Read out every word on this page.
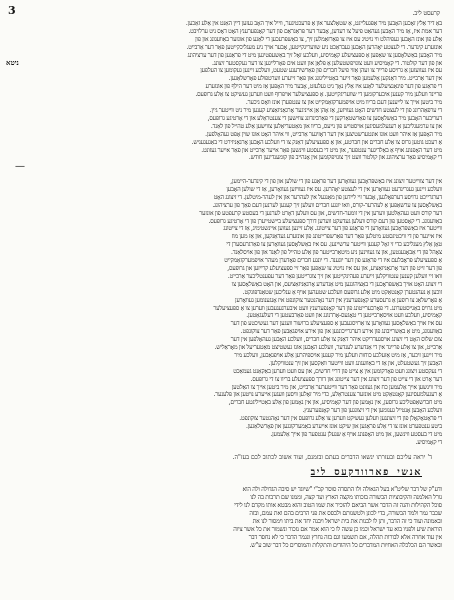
3	קרעסט ליב.
ניטא
—
באַ דיר אַלץ זאָכען האָבען מיר אַפּגעלייגט, אַ שטאָלצער און אַ פּרעכטיגער, ווייל איך האָב געזען דיין האַנט אין אַלע זאַכען.
דער אמת איז, אַז מיר האָבען געהאַט פיעל צו רעדען, אָבער דער פּראַגראַם פון דער קאָנפערענץ האָט דאָס ניט ערלויבט.
אַלע פון אונז האָבען געפיהלט ווי נויטיג עס איז צו פאַרזאַמלען זיך, צו באַשפּרעכען די לאַגע פון אונזער באַוועגונג און פון
אונזערע קינדער. די לעצטע יאָהרען האָבען געבראַכט ניע שוועריגקייטען, אָבער אויך ניע מעגליכקייטען פאַר דער אַרבייט.
מיר האָבען באַשלאָסען צו שאַפען אַ ספּעציעלע קאָמיסיע, וועלכע זאָל זיך באַשעפטיגען מיט די פראַגען פון דער ערציהונג
און פון דער קולטור. די קאָמיסיע וועט צונויפשטעלען אַ פּלאַן און וועט אים פאָרלייגען צו דער נעקסטער זיצונג.
עס איז געוועזען אַ גרויסע פרייד צו זעהן אַזוי פיעל חברים פון פאַרשידענע שטעט, וועלכע זיינען געקומען צו העלפען
אין דער אַרבייט. מיר דאַנקען אַלעמען פאַר זייער באַטייליגונג און פאַר זייערע ווערטפולע פאָרשלאַגען.
די פראַגע פון דער פינאַנציעלער לאַגע איז אַלץ נאָך ניט געלעזט, אָבער מיר האָפען אַז מיט דער הילף פון אונזערע
פריינד וועלען מיר קענען איבערקומען די שוועריגקייטען. אַ ספּעציעלער אויפרוף וועט ווערען געשיקט צו אַלע גרופּעס.
מיר ביטען אייך צו לייענען דעם בריוו מיט אויפמערקזאַמקייט און צו ענטפערן אונז וואָס גיכער.
די ערפאַהרונג פון די לעצטע חדשים האָט געוויזען, אַז אָהן אַן אייניגער אָרגאַניזאַציע קענען מיר ניט ווייטער גיין.
דעריבער האָבען מיר באַשלאָסען צו פאַרשטאַרקען די פאַרבינדונג צווישען די צענטראַלע און די אָרטיגע גרופּעס,
און צו ערמעגליכען אַ רעגעלמעסיגען אויסטויש פון נייעס, בריוו און מאַטעריאַלען צווישען אַלע טהייל פון לאַנד.
מיר האָפען אַז איהר וועט אונז אונטערשטיצען אין דער דאָזיגער אַרבייט, ווי איהר האָט אונז שוין אָפט געהאָלפען.
אַ רעכט גוטען גרוס צו אַלע חברים און חברטע, און אַ ספּעציעלען דאַנק צו די וועלכע האָבען אָרגאַניזירט די באַגעגעניש.
מיט דער האָפנונג אויף אַ באַלדיגער ענטפער, און מיט די בעסטע ווינשען פאַר אייער אַרבייט און פאַר אייער געזונט.
די קאָמיסיע פאַר ערציהונג און קולטור וועט זיך צונויפקומען אין אָנהייב פון קומענדיגען חודש.
אין דער צווייטער זיצונג איז באַשפּראָכען געוואָרען דער פראַגע פון די שולען און פון די קינדער-היימען,
וועלכע זיינען געגרינדעט געוואָרען אין די לעצטע יאָהרען. עס איז געוויזען געוואָרען, אַז די שולען האָבען
דערגרייכט גרויסע דערפאָלגען, אָבער זיי ליידען פון מאַנגעל אין לעהרער און אין לעהר-מיטלען. די זיצונג האָט
באַשלאָסען צו ערשאַפען אַ לעהרער-קורס, וואו יונגע חברים וועלען זיך קענען לערנען דעם פאַך פון ערציהונג.
דער קורס וועט געהאַלטען ווערען אין די זומער-חדשים, און עס וועלען דאָרט לערנען די בעסטע קרעפטע פון אונזער
באַוועגונג. די קאָסטען פון דעם קורס וועלען געדעקט ווערען דורך ספּעציעלע ביישטייערן פון די אָרטיגע גרופּעס.
ווייטער איז באַשפּראָכען געוואָרען די פראַגע פון דער צייטונג. אַלע זיינען געווען איינשטימיג, אַז די צייטונג
איז איינער פון די וויכטיגסטע מיטלען פאַר דער פאַרשפּרייטונג פון אונזערע געדאַנקען, און אַז מען מוז
טאָן אַלץ מעגליכע כדי זי זאָל קענען ווייטער ערשיינען. עס איז באַשלאָסען געוואָרען צו פאַרגרעסערן די
צאָהל פון די אַבאָנענטען, און צו געווינען ניע מיטאַרבייטער פון אַלע טהייל פון לאַנד און פון אויסלאַנד.
אַ ספּעציעלע פּראָבלעם איז די פראַגע פון דער יוגענד. די יונגע חברים פאָדערן מעהר אויפמערקזאַמקייט
פון דער זייט פון דער אָרגאַניזאַציע, און עס איז נויטיג צו שאַפען פאַר זיי ספּעציעלע קרייזען און גרופּעס,
וואו זיי וועלען קענען ענטוויקלען זייערע פעהיגקייטען און זיך צוגרייטען פאַר דער עפענטליכער אַרבייט.
די זיצונג האָט אויך באַשפּראָכען די באַציהונגען מיט אַנדערע אָרגאַניזאַציעס, און האָט באַשלאָסען צו
זוכען אַ נעהנטערן קאָנטאַקט מיט אַלע גרופּעס וועלכע שטעהען אויף אַ ענליכען שטאַנדפּונקט.
אַ פאָרשלאַג צו רופען אַ גרעסערע קאָנפערענץ אין דער נאָהנטער צוקונפט איז אָנגענומען געוואָרען
מיט גרויס באַגייסטערונג. די פאָרבערייטונג פון דער קאָנפערענץ וועט איבערגעגעבען ווערען צו אַ ספּעציעלער
קאָמיסיע, וועלכע וועט אויסאַרבייטען די טאָגעס-אָרדנונג און וועט פאַרבעטען די דעלעגאַטען.
עס איז אויך באַשלאָסען געוואָרען צו אַרויסגעבען אַ ספּעציעלע ברושור וועגען דער געשיכטע פון דער
באַוועגונג, מיט אַ באַשרייבונג פון אירע דערגרייכונגען און פון אירע אויפגאַבען פאַר דער צוקונפט.
צום שלוס האָט די זיצונג אויסגעדריקט איהר דאַנק צו אַלע חברים, וועלכע האָבען געהאָלפען אין דער
אַרבייט, און צו אַלע פריינד אין די אַנדערע לענדער, וועלכע האָבען אונז געשטיצט מאַטעריעל און מאָראַליש.
מיר זיינען זיכער, אַז מיט אַזעלכע כוחות וועלען מיר קענען אויספיהרען אַלע אויפגאַבען, וועלכע מיר
האָבען זיך געשטעלט, און אַז די באַוועגונג וועט ווייטער וואַקסען און זיך ענטוויקלען.
די נעקסטע זיצונג וועט פאָרקומען אין אַ צייט פון דריי חדשים, און עס וועט ווערען באַקאַנט געמאַכט
דער אָרט און די צייט פון דער זיצונג אין דער צייטונג און דורך ספּעציעלע בריוו צו די גרופּעס.
מיר ווינשען אייך אַלעמען כח און געזונט פאַר דער ווייטערער אַרבייט, און מיר ביטען אייך צו האַלטען
אַ רעגעלמעסיגען קאָנטאַקט מיט אונזער צענטראַלע, כדי מיר זאָלען וויסען וועגען אייערע נויטען און פּלענער.
מיט חברשאַפטליכע גרוסען, אין נאָמען פון דער קאָמיסיע, און אין נאָמען פון אַלע באַטייליגטע חברים,
וועלכע האָבען אָנטייל גענומען אין די זיצונגען פון דער קאָנפערענץ.
די פּראָטאָקאָלן פון די זיצונגען וועלען געשיקט ווערען צו אַלע גרופּעס אין דער נאָהנטער צוקונפט.
ביטע ענטפערט אונז צו די אַלע פראַגען און שיקט אונז אייערע באַמערקונגען און פאָרשלאַגען.
מיט די בעסטע ווינשען, און מיט האָפנונג אויף אַ שנעלן ענטפער פון אייך אַלעמען.
די קאָמיסיע.
ד' יראה עליכם ובעזרתו ינשאו הדברים בעתם ובזמנם, ועוד אשוב לכתוב לכם בעז"ה.
אנשי פארוודקעס ליב
ודע"ק של דבר שליט"א בעל הגאולה ולו התסדה סוסר קב"י "שיוגד יש סיבה הגדולה ולה הוא
גורל האלמנה והקיבוציות הבשורה בזכותו מקצה הארץ ועד קצה, וממנו שם תרבות בה לנו
סוכל הקהילות והנה זה הדבר אשר הביאם להזכיר את שמו הטוב והוא מבטא אותו מקדם לנו לידי
שכבר גמר ולמד הבשורה, בדי לכונן ולטשנותם ולבסס את פני הרבים בהם ואת עמם, ובזה
ובאמונה ועוד כי זה הדבר, ותן לו לבנות את בית ישראל ויבנה יחד את ביתו וימסור לנו את
הוראת שיע ולפניו בוא עד ישראל וכמו כן עשה לו כי הוא אמר אם נזכור ונשמור את כל אשר ציוה
אין עוד אחרה אלא לבורות תהלה, אם תשמעו וגם בזה נחרץ ונגמר הדבר כי לא נחסר דבר
ובאשר הם הכלכלה האחיות המדברים כל היהודים והתקלות והמוסרים כל דבר שוב ע"ש.
